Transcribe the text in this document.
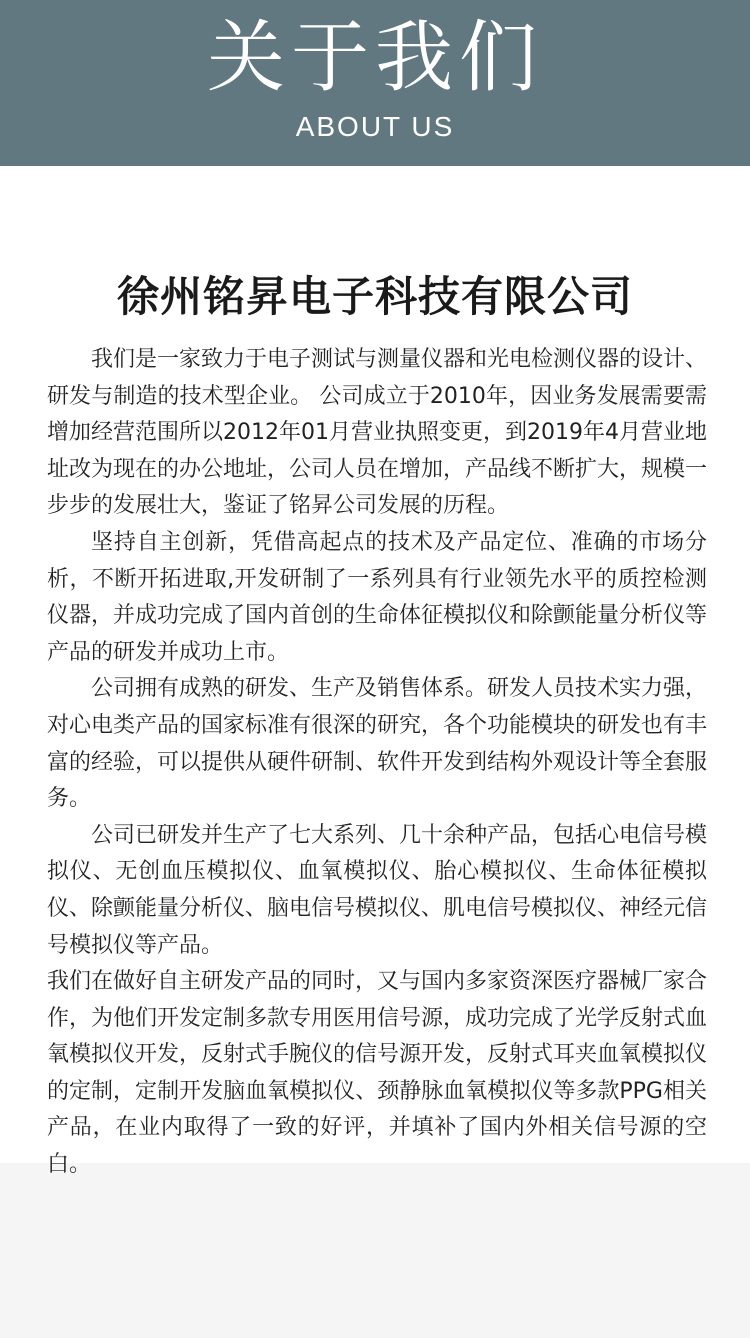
关于我们
ABOUT US
徐州铭昇电子科技有限公司

我们是一家致力于电子测试与测量仪器和光电检测仪器的设计、研发与制造的技术型企业。 公司成立于2010年，因业务发展需要需增加经营范围所以2012年01月营业执照变更，到2019年4月营业地址改为现在的办公地址，公司人员在增加，产品线不断扩大，规模一步步的发展壮大，鉴证了铭昇公司发展的历程。

坚持自主创新，凭借高起点的技术及产品定位、准确的市场分析，不断开拓进取,开发研制了一系列具有行业领先水平的质控检测仪器，并成功完成了国内首创的生命体征模拟仪和除颤能量分析仪等产品的研发并成功上市。

公司拥有成熟的研发、生产及销售体系。研发人员技术实力强，对心电类产品的国家标准有很深的研究，各个功能模块的研发也有丰富的经验，可以提供从硬件研制、软件开发到结构外观设计等全套服务。

公司已研发并生产了七大系列、几十余种产品，包括心电信号模拟仪、无创血压模拟仪、血氧模拟仪、胎心模拟仪、生命体征模拟仪、除颤能量分析仪、脑电信号模拟仪、肌电信号模拟仪、神经元信号模拟仪等产品。

我们在做好自主研发产品的同时，又与国内多家资深医疗器械厂家合作，为他们开发定制多款专用医用信号源，成功完成了光学反射式血氧模拟仪开发，反射式手腕仪的信号源开发，反射式耳夹血氧模拟仪的定制，定制开发脑血氧模拟仪、颈静脉血氧模拟仪等多款PPG相关产品，在业内取得了一致的好评，并填补了国内外相关信号源的空白。
